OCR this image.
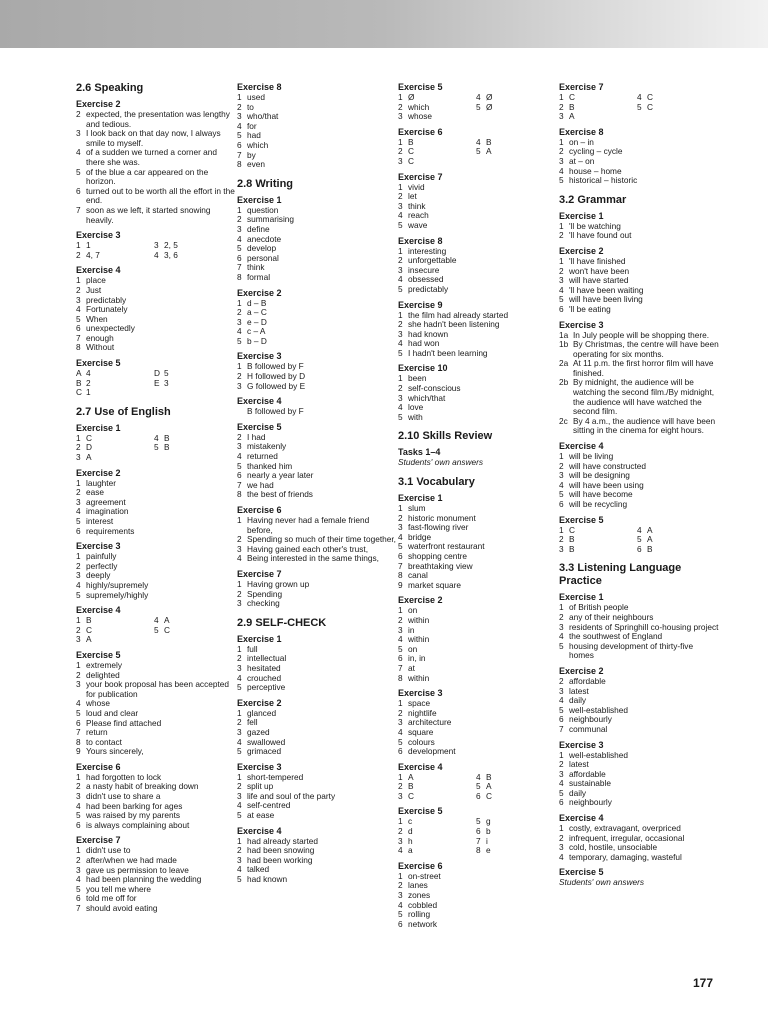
2.6 Speaking
Exercise 2
2 expected, the presentation was lengthy and tedious.
3 I look back on that day now, I always smile to myself.
4 of a sudden we turned a corner and there she was.
5 of the blue a car appeared on the horizon.
6 turned out to be worth all the effort in the end.
7 soon as we left, it started snowing heavily.
Exercise 3
1 1	3 2, 5
2 4, 7	4 3, 6
Exercise 4
1 place
2 Just
3 predictably
4 Fortunately
5 When
6 unexpectedly
7 enough
8 Without
Exercise 5
A 4	D 5
B 2	E 3
C 1
2.7 Use of English
Exercise 1
1 C	4 B
2 D	5 B
3 A
Exercise 2
1 laughter
2 ease
3 agreement
4 imagination
5 interest
6 requirements
Exercise 3
1 painfully
2 perfectly
3 deeply
4 highly/supremely
5 supremely/highly
Exercise 4
1 B	4 A
2 C	5 C
3 A
Exercise 5
1 extremely
2 delighted
3 your book proposal has been accepted for publication
4 whose
5 loud and clear
6 Please find attached
7 return
8 to contact
9 Yours sincerely,
Exercise 6
1 had forgotten to lock
2 a nasty habit of breaking down
3 didn't use to share a
4 had been barking for ages
5 was raised by my parents
6 is always complaining about
Exercise 7
1 didn't use to
2 after/when we had made
3 gave us permission to leave
4 had been planning the wedding
5 you tell me where
6 told me off for
7 should avoid eating
Exercise 8
1 used
2 to
3 who/that
4 for
5 had
6 which
7 by
8 even
2.8 Writing
Exercise 1
1 question
2 summarising
3 define
4 anecdote
5 develop
6 personal
7 think
8 formal
Exercise 2
1 d – B
2 a – C
3 e – D
4 c – A
5 b – D
Exercise 3
1 B followed by F
2 H followed by D
3 G followed by E
Exercise 4
B followed by F
Exercise 5
2 I had
3 mistakenly
4 returned
5 thanked him
6 nearly a year later
7 we had
8 the best of friends
Exercise 6
1 Having never had a female friend before,
2 Spending so much of their time together,
3 Having gained each other's trust,
4 Being interested in the same things,
Exercise 7
1 Having grown up
2 Spending
3 checking
2.9 SELF-CHECK
Exercise 1
1 full
2 intellectual
3 hesitated
4 crouched
5 perceptive
Exercise 2
1 glanced
2 fell
3 gazed
4 swallowed
5 grimaced
Exercise 3
1 short-tempered
2 split up
3 life and soul of the party
4 self-centred
5 at ease
Exercise 4
1 had already started
2 had been snowing
3 had been working
4 talked
5 had known
Exercise 5
1 Ø	4 Ø
2 which	5 Ø
3 whose
Exercise 6
1 B	4 B
2 C	5 A
3 C
Exercise 7
1 vivid
2 let
3 think
4 reach
5 wave
Exercise 8
1 interesting
2 unforgettable
3 insecure
4 obsessed
5 predictably
Exercise 9
1 the film had already started
2 she hadn't been listening
3 had known
4 had won
5 I hadn't been learning
Exercise 10
1 been
2 self-conscious
3 which/that
4 love
5 with
2.10 Skills Review
Tasks 1–4
Students' own answers
3.1 Vocabulary
Exercise 1
1 slum
2 historic monument
3 fast-flowing river
4 bridge
5 waterfront restaurant
6 shopping centre
7 breathtaking view
8 canal
9 market square
Exercise 2
1 on
2 within
3 in
4 within
5 on
6 in, in
7 at
8 within
Exercise 3
1 space
2 nightlife
3 architecture
4 square
5 colours
6 development
Exercise 4
1 A	4 B
2 B	5 A
3 C	6 C
Exercise 5
1 c	5 g
2 d	6 b
3 h	7 i
4 a	8 e
Exercise 6
1 on-street
2 lanes
3 zones
4 cobbled
5 rolling
6 network
Exercise 7
1 C	4 C
2 B	5 C
3 A
Exercise 8
1 on – in
2 cycling – cycle
3 at – on
4 house – home
5 historical – historic
3.2 Grammar
Exercise 1
1 'll be watching
2 'll have found out
Exercise 2
1 'll have finished
2 won't have been
3 will have started
4 'll have been waiting
5 will have been living
6 'll be eating
Exercise 3
1a In July people will be shopping there.
1b By Christmas, the centre will have been operating for six months.
2a At 11 p.m. the first horror film will have finished.
2b By midnight, the audience will be watching the second film./By midnight, the audience will have watched the second film.
2c By 4 a.m., the audience will have been sitting in the cinema for eight hours.
Exercise 4
1 will be living
2 will have constructed
3 will be designing
4 will have been using
5 will have become
6 will be recycling
Exercise 5
1 C	4 A
2 B	5 A
3 B	6 B
3.3 Listening Language Practice
Exercise 1
1 of British people
2 any of their neighbours
3 residents of Springhill co-housing project
4 the southwest of England
5 housing development of thirty-five homes
Exercise 2
2 affordable
3 latest
4 daily
5 well-established
6 neighbourly
7 communal
Exercise 3
1 well-established
2 latest
3 affordable
4 sustainable
5 daily
6 neighbourly
Exercise 4
1 costly, extravagant, overpriced
2 infrequent, irregular, occasional
3 cold, hostile, unsociable
4 temporary, damaging, wasteful
Exercise 5
Students' own answers
177
